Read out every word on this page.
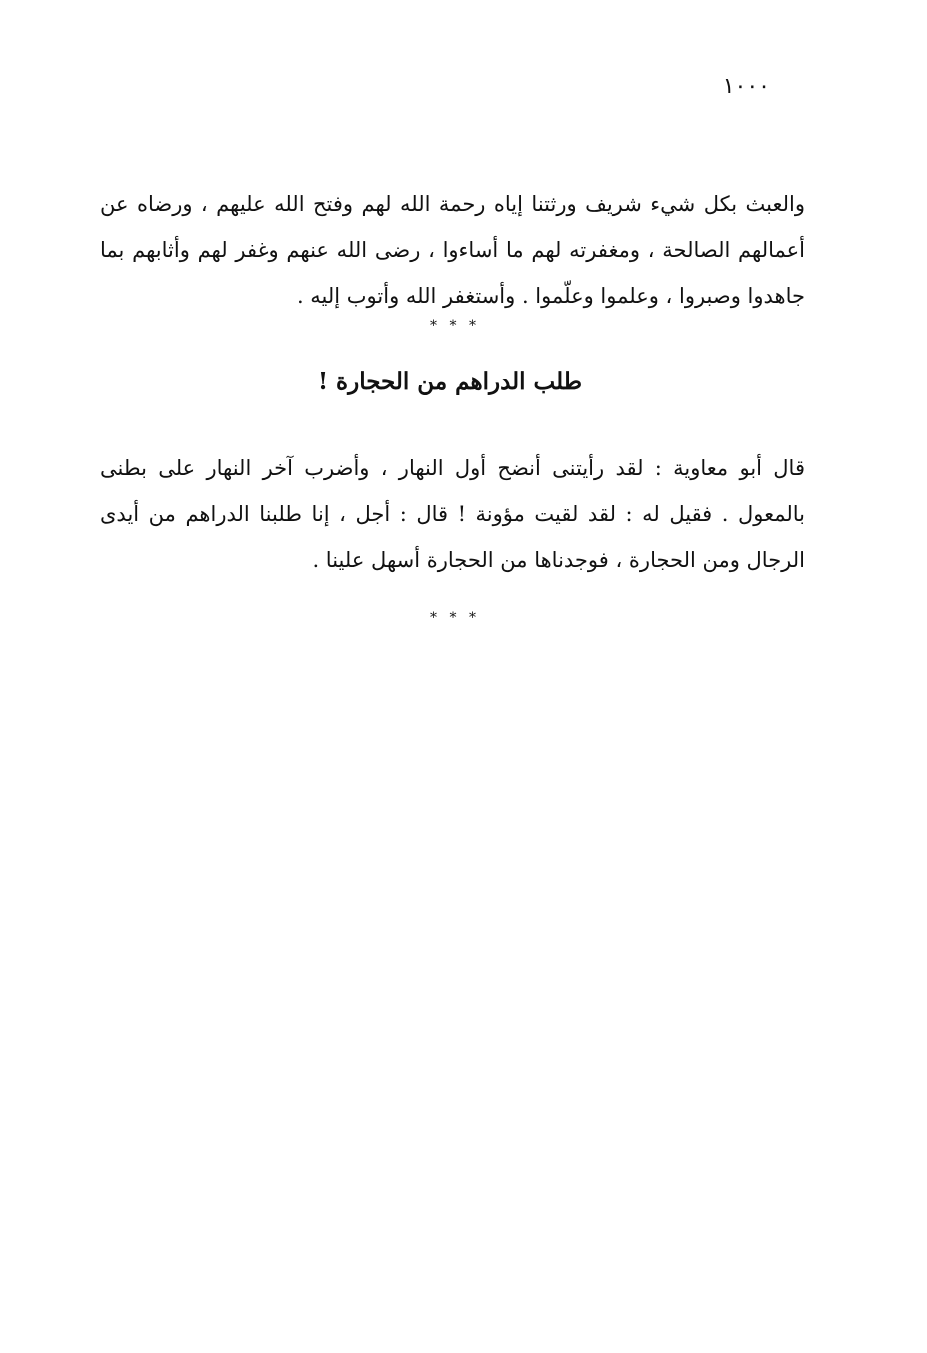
١٠٠٠

والعبث بكل شيء شريف ورثتنا إياه رحمة الله لهم وفتح الله عليهم ، ورضاه عن أعمالهم الصالحة ، ومغفرته لهم ما أساءوا ، رضى الله عنهم وغفر لهم وأثابهم بما جاهدوا وصبروا ، وعلموا وعلّموا . وأستغفر الله وأتوب إليه .

* * *
طلب الدراهم من الحجارة !

قال أبو معاوية : لقد رأيتنى أنضح أول النهار ، وأضرب آخر النهار على بطنى بالمعول . فقيل له : لقد لقيت مؤونة ! قال : أجل ، إنا طلبنا الدراهم من أيدى الرجال ومن الحجارة ، فوجدناها من الحجارة أسهل علينا .

* * *
